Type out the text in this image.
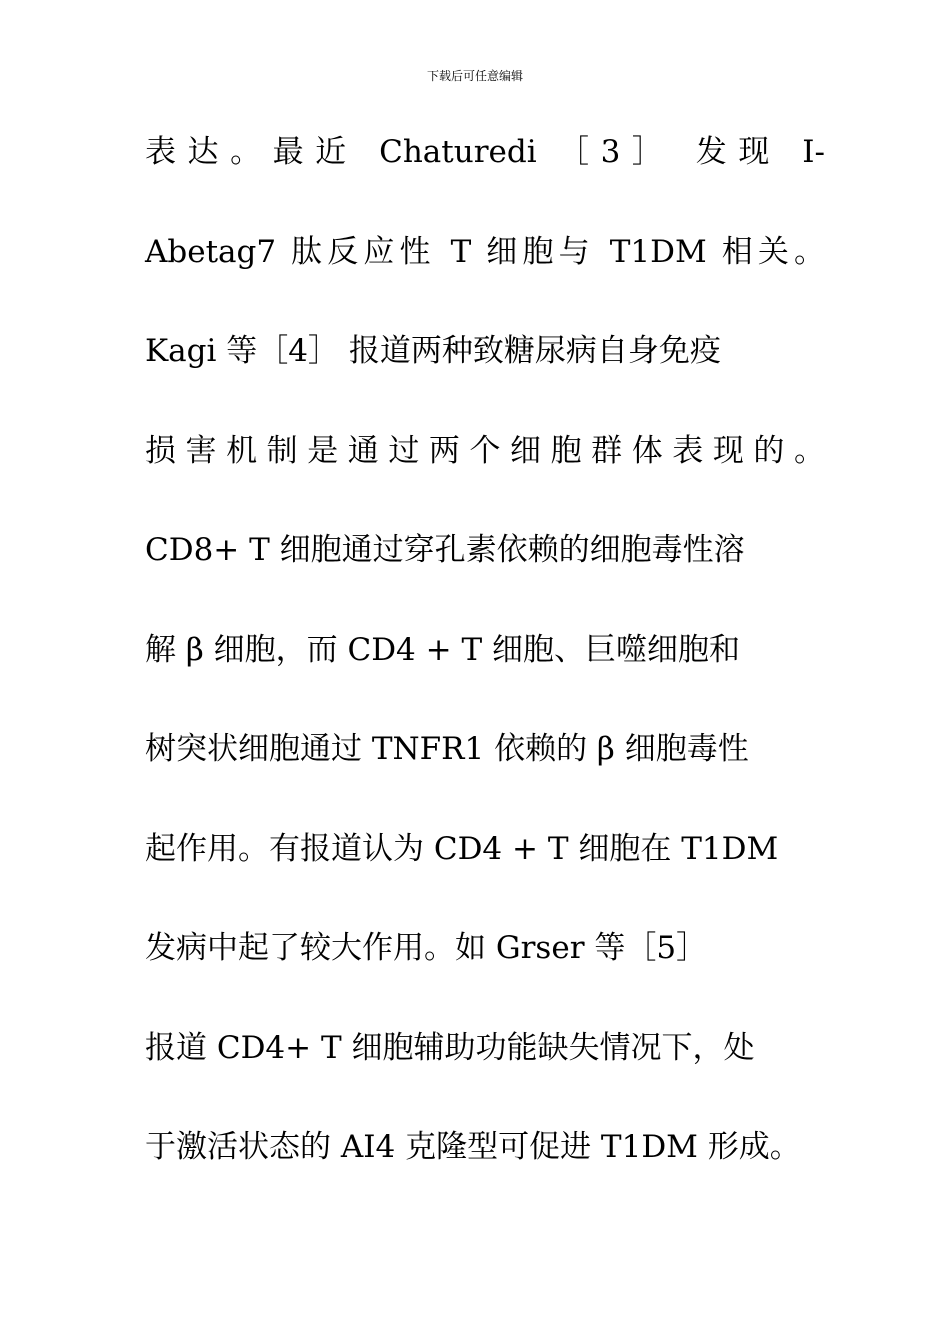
下载后可任意编辑
表达。最近 Chaturedi ［3］ 发现 I-
Abetag7 肽反应性 T 细胞与 T1DM 相关。
Kagi 等［4］ 报道两种致糖尿病自身免疫
损害机制是通过两个细胞群体表现的。
CD8+ T 细胞通过穿孔素依赖的细胞毒性溶
解 β 细胞，而 CD4 + T 细胞、巨噬细胞和
树突状细胞通过 TNFR1 依赖的 β 细胞毒性
起作用。有报道认为 CD4 + T 细胞在 T1DM
发病中起了较大作用。如 Grser 等［5］
报道 CD4+ T 细胞辅助功能缺失情况下，处
于激活状态的 AI4 克隆型可促进 T1DM 形成。
